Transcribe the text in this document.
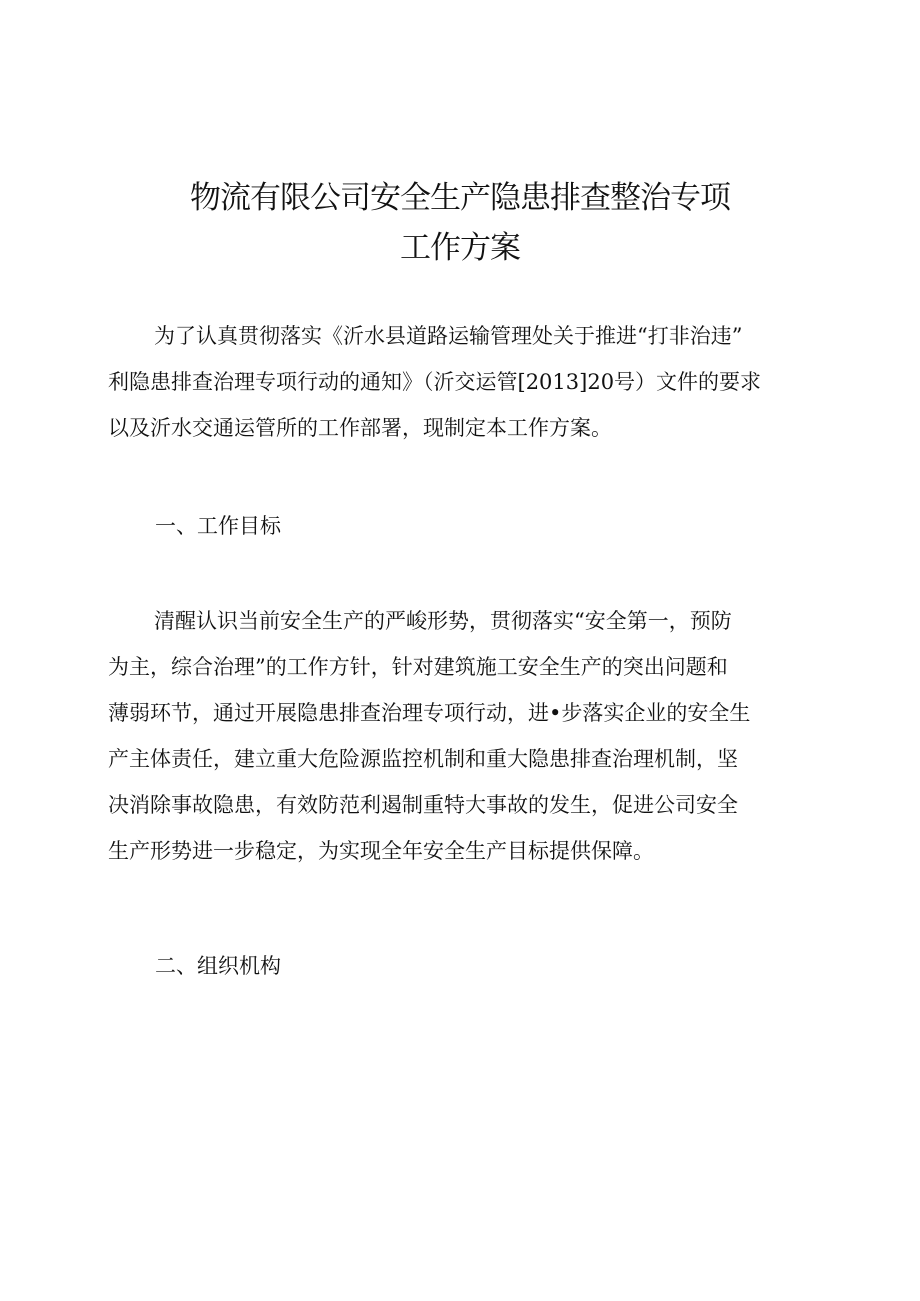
物流有限公司安全生产隐患排查整治专项
工作方案
为了认真贯彻落实《沂水县道路运输管理处关于推进“打非治违”
利隐患排查治理专项行动的通知》（沂交运管[2013]20号）文件的要求
以及沂水交通运管所的工作部署，现制定本工作方案。
一、工作目标
清醒认识当前安全生产的严峻形势，贯彻落实“安全第一，预防
为主，综合治理”的工作方针，针对建筑施工安全生产的突出问题和
薄弱环节，通过开展隐患排查治理专项行动，进•步落实企业的安全生
产主体责任，建立重大危险源监控机制和重大隐患排查治理机制，坚
决消除事故隐患，有效防范利遏制重特大事故的发生，促进公司安全
生产形势进一步稳定，为实现全年安全生产目标提供保障。
二、组织机构
